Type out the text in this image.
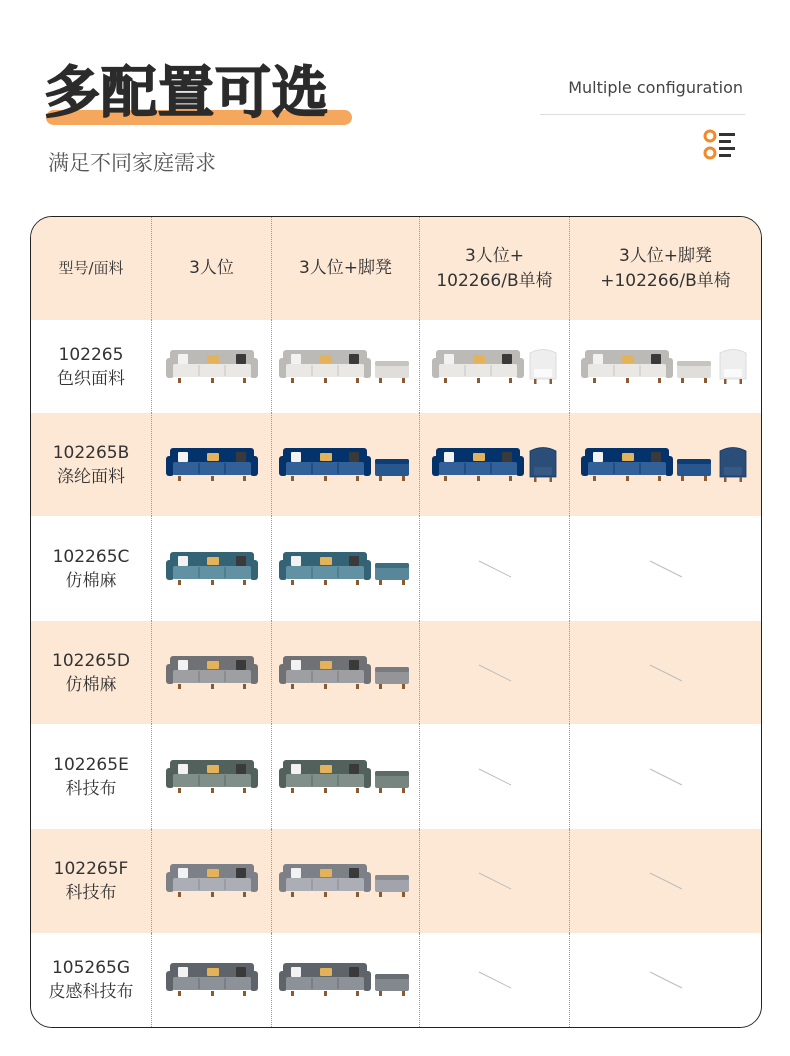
多配置可选
满足不同家庭需求
Multiple configuration
型号/面料	3人位	3人位+脚凳
3人位+
102266/B单椅
3人位+脚凳
+102266/B单椅
102265
色织面料
102265B
涤纶面料
102265C
仿棉麻
102265D
仿棉麻
102265E
科技布
102265F
科技布
105265G
皮感科技布
